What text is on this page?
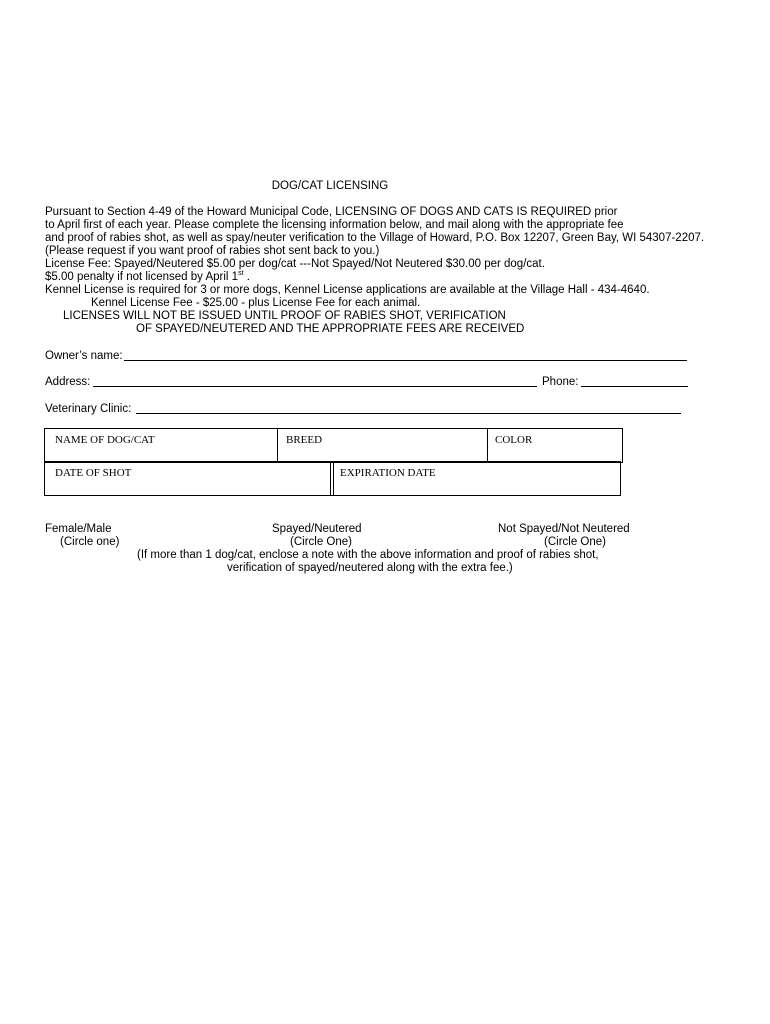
DOG/CAT LICENSING
Pursuant to Section 4-49 of the Howard Municipal Code, LICENSING OF DOGS AND CATS IS REQUIRED prior
to April first of each year. Please complete the licensing information below, and mail along with the appropriate fee
and proof of rabies shot, as well as spay/neuter verification to the Village of Howard, P.O. Box 12207, Green Bay, WI 54307-2207.
(Please request if you want proof of rabies shot sent back to you.)
License Fee: Spayed/Neutered $5.00 per dog/cat ---Not Spayed/Not Neutered $30.00 per dog/cat.
$5.00 penalty if not licensed by April 1st .
Kennel License is required for 3 or more dogs, Kennel License applications are available at the Village Hall - 434-4640.
Kennel License Fee - $25.00 - plus License Fee for each animal.
LICENSES WILL NOT BE ISSUED UNTIL PROOF OF RABIES SHOT, VERIFICATION
OF SPAYED/NEUTERED AND THE APPROPRIATE FEES ARE RECEIVED
Owner’s name:
Address:	Phone:
Veterinary Clinic:
NAME OF DOG/CAT	BREED	COLOR
DATE OF SHOT	EXPIRATION DATE
Female/Male
(Circle one)
Spayed/Neutered
(Circle One)
Not Spayed/Not Neutered
(Circle One)
(If more than 1 dog/cat, enclose a note with the above information and proof of rabies shot,
verification of spayed/neutered along with the extra fee.)
